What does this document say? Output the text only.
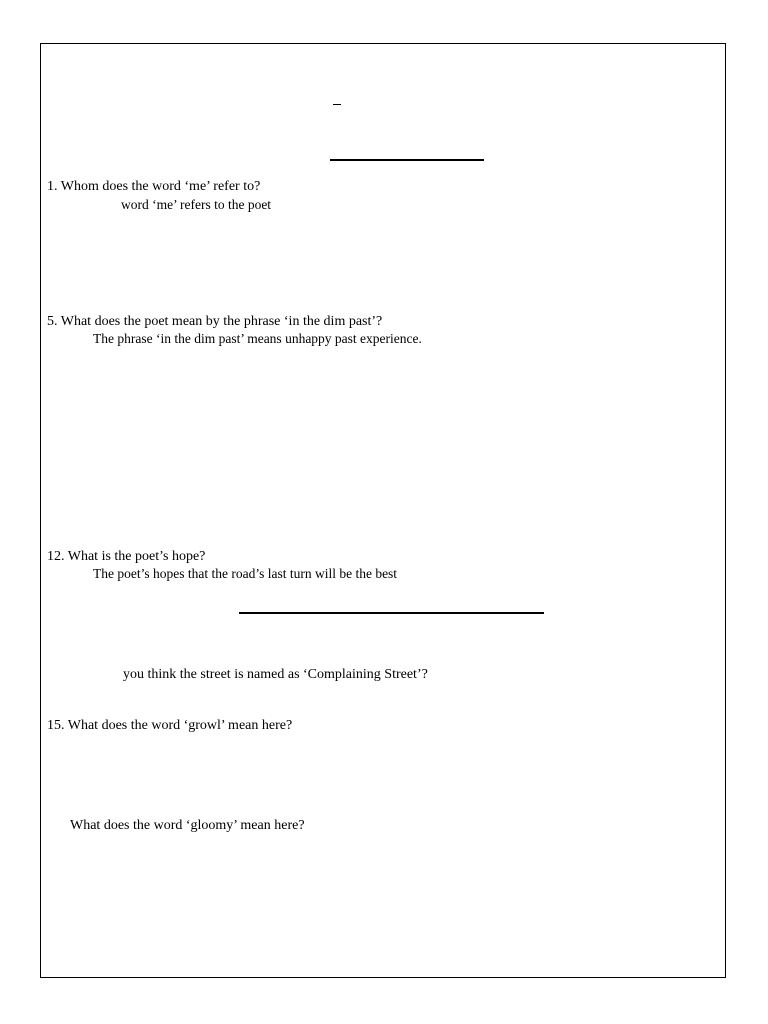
1. Whom does the word ‘me’ refer to?
word ‘me’ refers to the poet
5. What does the poet mean by the phrase ‘in the dim past’?
The phrase ‘in the dim past’ means unhappy past experience.
12. What is the poet’s hope?
The poet’s hopes that the road’s last turn will be the best
you think the street is named as ‘Complaining Street’?
15. What does the word ‘growl’ mean here?
What does the word ‘gloomy’ mean here?
